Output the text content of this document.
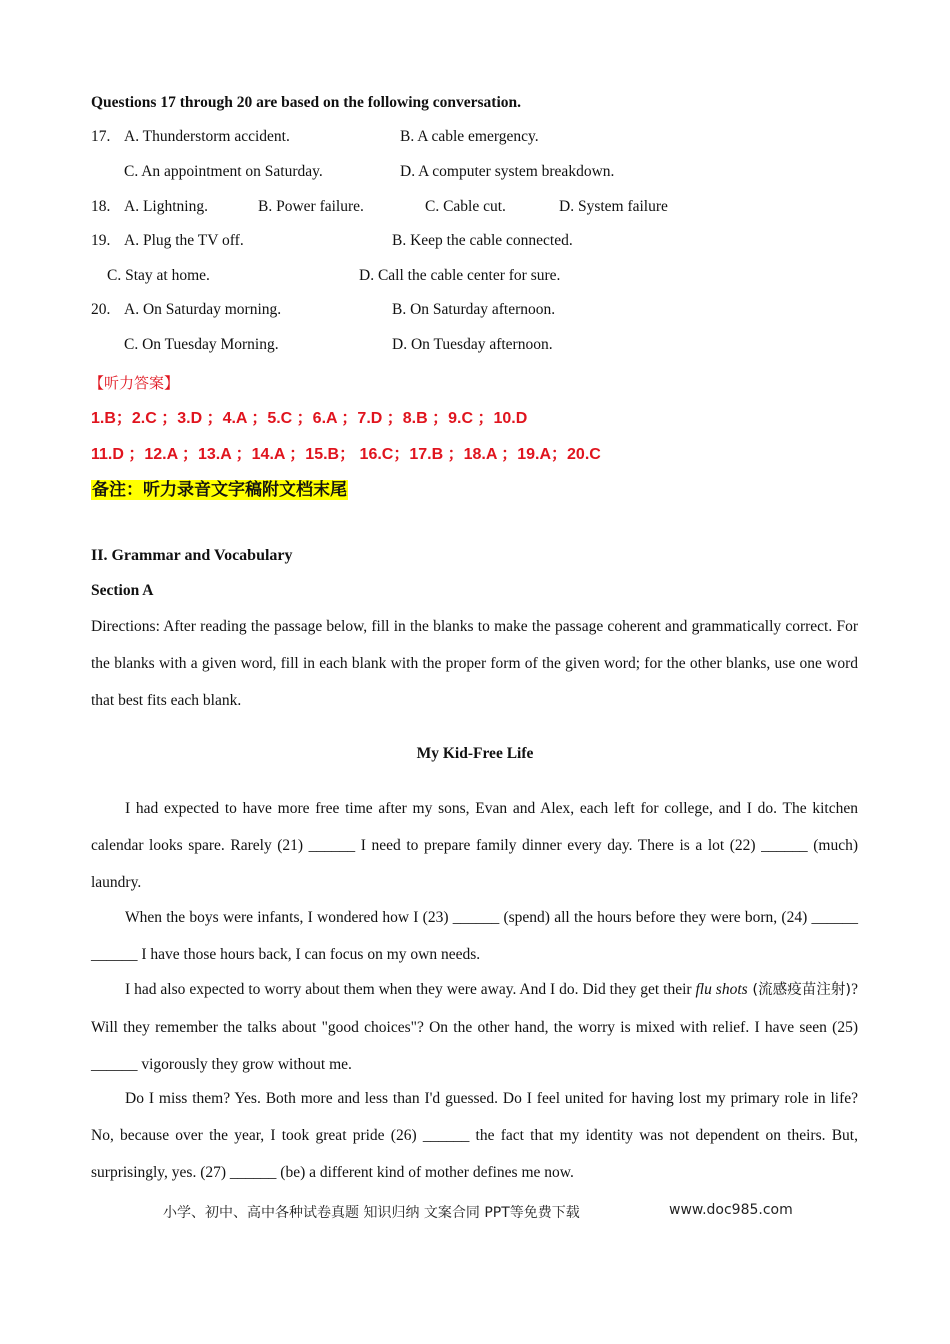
Questions 17 through 20 are based on the following conversation.
17. A. Thunderstorm accident.	B. A cable emergency.
C. An appointment on Saturday.	D. A computer system breakdown.
18. A. Lightning.	B. Power failure.	C. Cable cut.	D. System failure
19. A. Plug the TV off.	B. Keep the cable connected.
C. Stay at home.	D. Call the cable center for sure.
20. A. On Saturday morning.	B. On Saturday afternoon.
C. On Tuesday Morning.	D. On Tuesday afternoon.
【听力答案】
1.B；2.C ；3.D ；4.A ；5.C ；6.A ；7.D ；8.B ；9.C ；10.D
11.D ；12.A ；13.A ；14.A ；15.B； 16.C；17.B ；18.A ；19.A；20.C
备注：听力录音文字稿附文档末尾
II. Grammar and Vocabulary
Section A
Directions: After reading the passage below, fill in the blanks to make the passage coherent and grammatically correct. For the blanks with a given word, fill in each blank with the proper form of the given word; for the other blanks, use one word that best fits each blank.
My Kid-Free Life
I had expected to have more free time after my sons, Evan and Alex, each left for college, and I do. The kitchen calendar looks spare. Rarely (21) ______ I need to prepare family dinner every day. There is a lot (22) ______ (much) laundry.
When the boys were infants, I wondered how I (23) ______ (spend) all the hours before they were born, (24) ______ ______ I have those hours back, I can focus on my own needs.
I had also expected to worry about them when they were away. And I do. Did they get their flu shots (流感疫苗注射)? Will they remember the talks about "good choices"? On the other hand, the worry is mixed with relief. I have seen (25) ______ vigorously they grow without me.
Do I miss them? Yes. Both more and less than I'd guessed. Do I feel united for having lost my primary role in life? No, because over the year, I took great pride (26) ______ the fact that my identity was not dependent on theirs. But, surprisingly, yes. (27) ______ (be) a different kind of mother defines me now.
小学、初中、高中各种试卷真题 知识归纳 文案合同 PPT等免费下载	www.doc985.com
